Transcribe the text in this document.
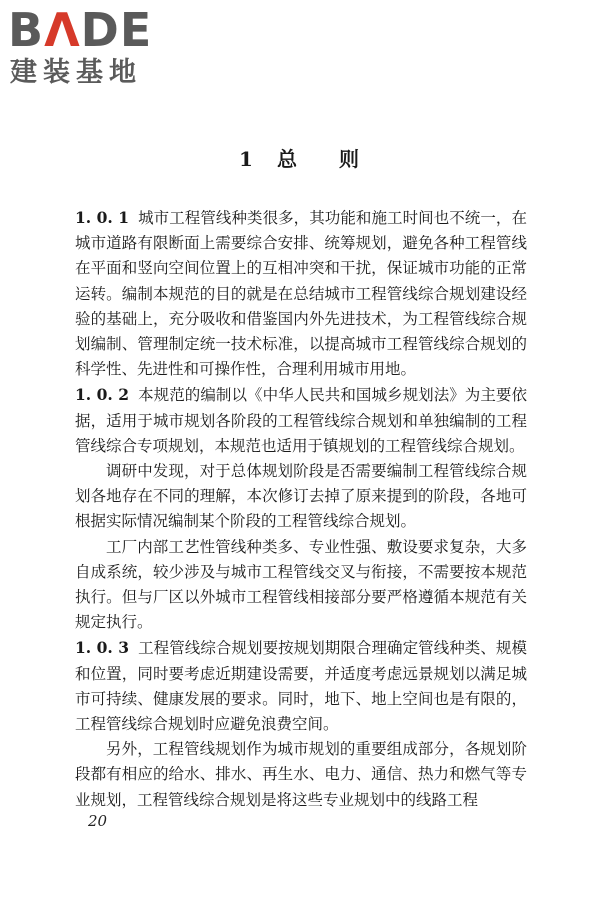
BΛDE
建装基地
1 总 则

1. 0. 1 城市工程管线种类很多，其功能和施工时间也不统一，在城市道路有限断面上需要综合安排、统筹规划，避免各种工程管线在平面和竖向空间位置上的互相冲突和干扰，保证城市功能的正常运转。编制本规范的目的就是在总结城市工程管线综合规划建设经验的基础上，充分吸收和借鉴国内外先进技术，为工程管线综合规划编制、管理制定统一技术标准，以提高城市工程管线综合规划的科学性、先进性和可操作性，合理利用城市用地。

1. 0. 2 本规范的编制以《中华人民共和国城乡规划法》为主要依据，适用于城市规划各阶段的工程管线综合规划和单独编制的工程管线综合专项规划，本规范也适用于镇规划的工程管线综合规划。

调研中发现，对于总体规划阶段是否需要编制工程管线综合规划各地存在不同的理解，本次修订去掉了原来提到的阶段，各地可根据实际情况编制某个阶段的工程管线综合规划。

工厂内部工艺性管线种类多、专业性强、敷设要求复杂，大多自成系统，较少涉及与城市工程管线交叉与衔接，不需要按本规范执行。但与厂区以外城市工程管线相接部分要严格遵循本规范有关规定执行。

1. 0. 3 工程管线综合规划要按规划期限合理确定管线种类、规模和位置，同时要考虑近期建设需要，并适度考虑远景规划以满足城市可持续、健康发展的要求。同时，地下、地上空间也是有限的，工程管线综合规划时应避免浪费空间。

另外，工程管线规划作为城市规划的重要组成部分，各规划阶段都有相应的给水、排水、再生水、电力、通信、热力和燃气等专业规划，工程管线综合规划是将这些专业规划中的线路工程

20
